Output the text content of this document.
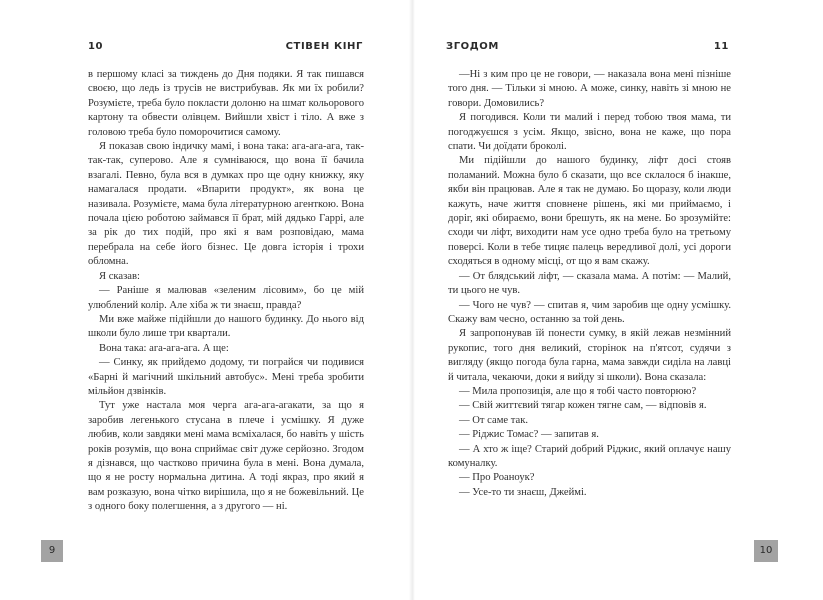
10	СТІВЕН КІНГ

в першому класі за тиждень до Дня подяки. Я так пишався своєю, що ледь із трусів не вистрибував. Як ми їх робили? Розумієте, треба було покласти долоню на шмат кольорового картону та обвести олівцем. Вийшли хвіст і тіло. А вже з головою треба було поморочитися самому.

Я показав свою індичку мамі, і вона така: ага-ага-ага, так-так-так, суперово. Але я сумніваюся, що вона її бачила взагалі. Певно, була вся в думках про ще одну книжку, яку намагалася продати. «Впарити продукт», як вона це називала. Розумієте, мама була літературною агенткою. Вона почала цією роботою займався її брат, мій дядько Гаррі, але за рік до тих подій, про які я вам розповідаю, мама перебрала на себе його бізнес. Це довга історія і трохи обломна.

Я сказав:

— Раніше я малював «зеленим лісовим», бо це мій улюблений колір. Але хіба ж ти знаєш, правда?

Ми вже майже підійшли до нашого будинку. До нього від школи було лише три квартали.

Вона така: ага-ага-ага. А ще:

— Синку, як прийдемо додому, ти пограйся чи подивися «Барні й магічний шкільний автобус». Мені треба зробити мільйон дзвінків.

Тут уже настала моя черга ага-ага-агакати, за що я заробив легенького стусана в плече і усмішку. Я дуже любив, коли завдяки мені мама всміхалася, бо навіть у шість років розумів, що вона сприймає світ дуже серйозно. Згодом я дізнався, що частково причина була в мені. Вона думала, що я не росту нормальна дитина. А тоді якраз, про який я вам розказую, вона чітко вирішила, що я не божевільний. Це з одного боку полегшення, а з другого — ні.

9
ЗГОДОМ	11

—Ні з ким про це не говори, — наказала вона мені пізніше того дня. — Тільки зі мною. А може, синку, навіть зі мною не говори. Домовились?

Я погодився. Коли ти малий і перед тобою твоя мама, ти погоджуєшся з усім. Якщо, звісно, вона не каже, що пора спати. Чи доїдати броколі.

Ми підійшли до нашого будинку, ліфт досі стояв поламаний. Можна було б сказати, що все склалося б інакше, якби він працював. Але я так не думаю. Бо щоразу, коли люди кажуть, наче життя сповнене рішень, які ми приймаємо, і доріг, які обираємо, вони брешуть, як на мене. Бо зрозумійте: сходи чи ліфт, виходити нам усе одно треба було на третьому поверсі. Коли в тебе тицяє палець вередливої долі, усі дороги сходяться в одному місці, от що я вам скажу.

— От блядський ліфт, — сказала мама. А потім: — Малий, ти цього не чув.

— Чого не чув? — спитав я, чим заробив ще одну усмішку. Скажу вам чесно, останню за той день.

Я запропонував їй понести сумку, в якій лежав незмінний рукопис, того дня великий, сторінок на п'ятсот, судячи з вигляду (якщо погода була гарна, мама завжди сиділа на лавці й читала, чекаючи, доки я вийду зі школи). Вона сказала:

— Мила пропозиція, але що я тобі часто повторюю?

— Свій життєвий тягар кожен тягне сам, — відповів я.

— От саме так.

— Ріджис Томас? — запитав я.

— А хто ж іще? Старий добрий Ріджис, який оплачує нашу комуналку.

— Про Роаноук?

— Усе-то ти знаєш, Джеймі.

10
